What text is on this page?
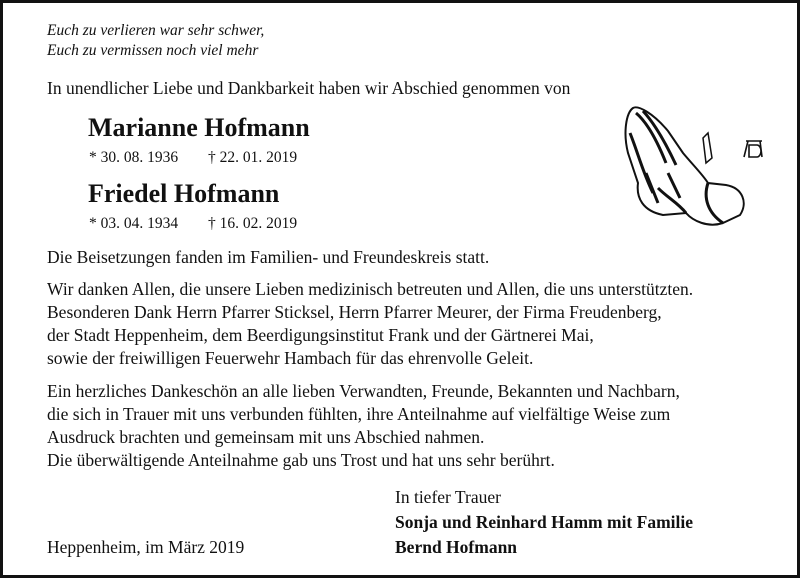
Euch zu verlieren war sehr schwer,
Euch zu vermissen noch viel mehr
In unendlicher Liebe und Dankbarkeit haben wir Abschied genommen von
Marianne Hofmann
* 30. 08. 1936 † 22. 01. 2019
Friedel Hofmann
* 03. 04. 1934 † 16. 02. 2019
Die Beisetzungen fanden im Familien- und Freundeskreis statt.
Wir danken Allen, die unsere Lieben medizinisch betreuten und Allen, die uns unterstützten.
Besonderen Dank Herrn Pfarrer Sticksel, Herrn Pfarrer Meurer, der Firma Freudenberg,
der Stadt Heppenheim, dem Beerdigungsinstitut Frank und der Gärtnerei Mai,
sowie der freiwilligen Feuerwehr Hambach für das ehrenvolle Geleit.
Ein herzliches Dankeschön an alle lieben Verwandten, Freunde, Bekannten und Nachbarn,
die sich in Trauer mit uns verbunden fühlten, ihre Anteilnahme auf vielfältige Weise zum
Ausdruck brachten und gemeinsam mit uns Abschied nahmen.
Die überwältigende Anteilnahme gab uns Trost und hat uns sehr berührt.
In tiefer Trauer
Sonja und Reinhard Hamm mit Familie
Bernd Hofmann
Heppenheim, im März 2019
